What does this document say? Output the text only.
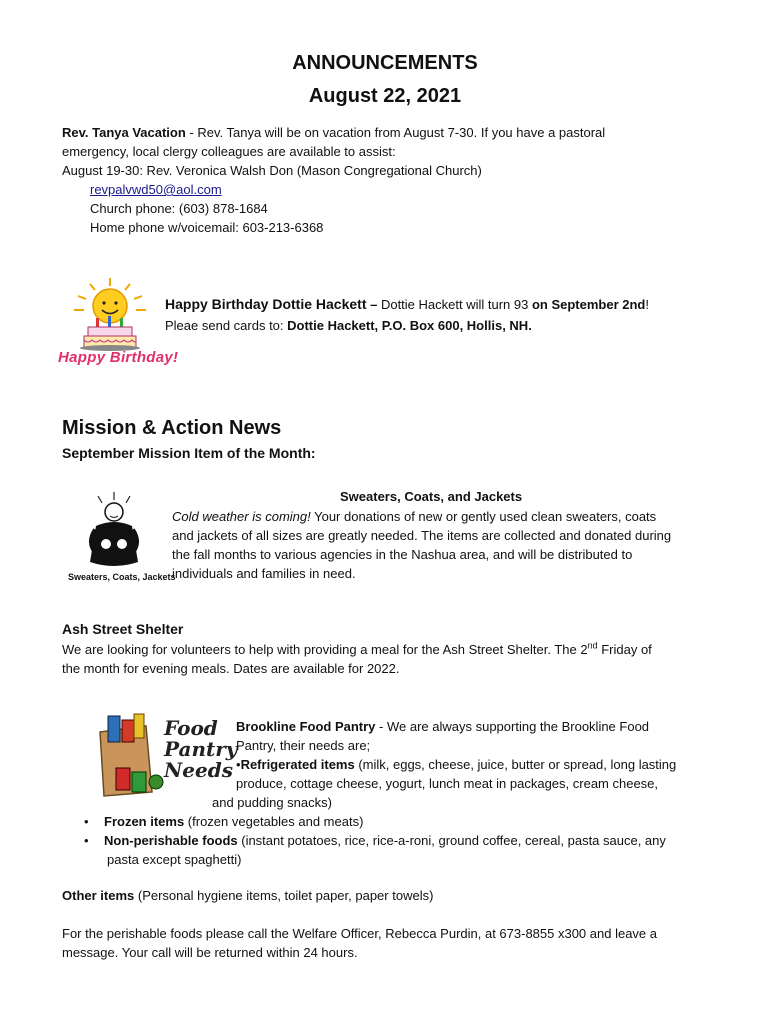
ANNOUNCEMENTS
August 22, 2021
Rev. Tanya Vacation - Rev. Tanya will be on vacation from August 7-30. If you have a pastoral
emergency, local clergy colleagues are available to assist:
August 19-30: Rev. Veronica Walsh Don (Mason Congregational Church)
revpalvwd50@aol.com
Church phone: (603) 878-1684
Home phone w/voicemail: 603-213-6368
Happy Birthday!
Happy Birthday Dottie Hackett – Dottie Hackett will turn 93 on September 2nd!
Pleae send cards to: Dottie Hackett, P.O. Box 600, Hollis, NH.
Mission & Action News
September Mission Item of the Month:
Sweaters, Coats, Jackets
Sweaters, Coats, and Jackets
Cold weather is coming! Your donations of new or gently used clean sweaters, coats
and jackets of all sizes are greatly needed. The items are collected and donated during
the fall months to various agencies in the Nashua area, and will be distributed to
individuals and families in need.
Ash Street Shelter
We are looking for volunteers to help with providing a meal for the Ash Street Shelter. The 2nd Friday of
the month for evening meals. Dates are available for 2022.
Food
Pantry
Needs
Brookline Food Pantry - We are always supporting the Brookline Food
Pantry, their needs are;
•Refrigerated items (milk, eggs, cheese, juice, butter or spread, long lasting
produce, cottage cheese, yogurt, lunch meat in packages, cream cheese,
and pudding snacks)
• Frozen items (frozen vegetables and meats)
• Non-perishable foods (instant potatoes, rice, rice-a-roni, ground coffee, cereal, pasta sauce, any
pasta except spaghetti)
Other items (Personal hygiene items, toilet paper, paper towels)
For the perishable foods please call the Welfare Officer, Rebecca Purdin, at 673-8855 x300 and leave a
message. Your call will be returned within 24 hours.
